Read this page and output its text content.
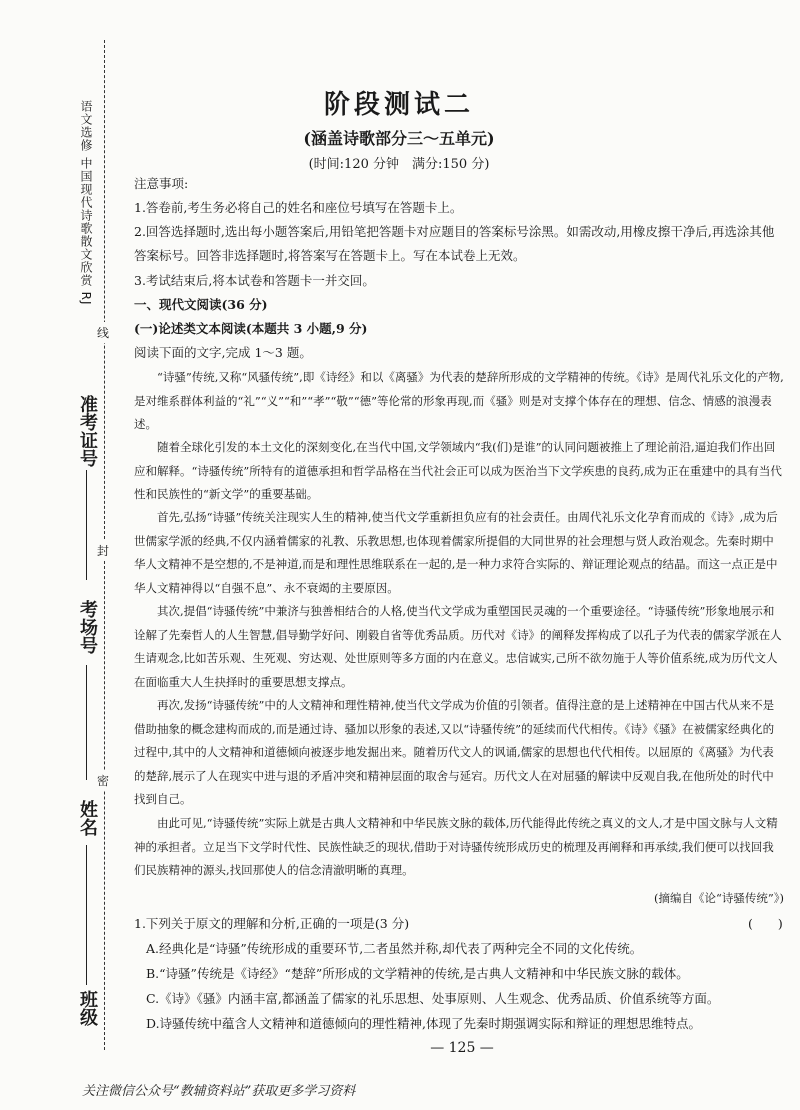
语文选修 中国现代诗歌散文欣赏 RJ
准考证号
考场号
姓名
班级
线
封
密
阶段测试二
(涵盖诗歌部分三～五单元)
(时间:120 分钟　满分:150 分)
注意事项:
1.答卷前,考生务必将自己的姓名和座位号填写在答题卡上。
2.回答选择题时,选出每小题答案后,用铅笔把答题卡对应题目的答案标号涂黑。如需改动,用橡皮擦干净后,再选涂其他答案标号。回答非选择题时,将答案写在答题卡上。写在本试卷上无效。
3.考试结束后,将本试卷和答题卡一并交回。
一、现代文阅读(36 分)
(一)论述类文本阅读(本题共 3 小题,9 分)
阅读下面的文字,完成 1～3 题。
“诗骚”传统,又称“风骚传统”,即《诗经》和以《离骚》为代表的楚辞所形成的文学精神的传统。《诗》是周代礼乐文化的产物,是对维系群体利益的“礼”“义”“和”“孝”“敬”“德”等伦常的形象再现,而《骚》则是对支撑个体存在的理想、信念、情感的浪漫表述。
随着全球化引发的本土文化的深刻变化,在当代中国,文学领域内“我(们)是谁”的认同问题被推上了理论前沿,逼迫我们作出回应和解释。“诗骚传统”所特有的道德承担和哲学品格在当代社会正可以成为医治当下文学疾患的良药,成为正在重建中的具有当代性和民族性的“新文学”的重要基础。
首先,弘扬“诗骚”传统关注现实人生的精神,使当代文学重新担负应有的社会责任。由周代礼乐文化孕育而成的《诗》,成为后世儒家学派的经典,不仅内涵着儒家的礼教、乐教思想,也体现着儒家所提倡的大同世界的社会理想与贤人政治观念。先秦时期中华人文精神不是空想的,不是神道,而是和理性思维联系在一起的,是一种力求符合实际的、辩证理论观点的结晶。而这一点正是中华人文精神得以“自强不息”、永不衰竭的主要原因。
其次,提倡“诗骚传统”中兼济与独善相结合的人格,使当代文学成为重塑国民灵魂的一个重要途径。“诗骚传统”形象地展示和诠解了先秦哲人的人生智慧,倡导勤学好问、刚毅自省等优秀品质。历代对《诗》的阐释发挥构成了以孔子为代表的儒家学派在人生请观念,比如苦乐观、生死观、穷达观、处世原则等多方面的内在意义。忠信诚实,己所不欲勿施于人等价值系统,成为历代文人在面临重大人生抉择时的重要思想支撑点。
再次,发扬“诗骚传统”中的人文精神和理性精神,使当代文学成为价值的引领者。值得注意的是上述精神在中国古代从来不是借助抽象的概念建构而成的,而是通过诗、骚加以形象的表述,又以“诗骚传统”的延续而代代相传。《诗》《骚》在被儒家经典化的过程中,其中的人文精神和道德倾向被逐步地发掘出来。随着历代文人的讽诵,儒家的思想也代代相传。以屈原的《离骚》为代表的楚辞,展示了人在现实中进与退的矛盾冲突和精神层面的取舍与延宕。历代文人在对屈骚的解读中反观自我,在他所处的时代中找到自己。
由此可见,“诗骚传统”实际上就是古典人文精神和中华民族文脉的载体,历代能得此传统之真义的文人,才是中国文脉与人文精神的承担者。立足当下文学时代性、民族性缺乏的现状,借助于对诗骚传统形成历史的梳理及再阐释和再承续,我们便可以找回我们民族精神的源头,找回那使人的信念清澈明晰的真理。
(摘编自《论“诗骚传统”》)
1.下列关于原文的理解和分析,正确的一项是(3 分)	(　　)
A.经典化是“诗骚”传统形成的重要环节,二者虽然并称,却代表了两种完全不同的文化传统。
B.“诗骚”传统是《诗经》“楚辞”所形成的文学精神的传统,是古典人文精神和中华民族文脉的载体。
C.《诗》《骚》内涵丰富,都涵盖了儒家的礼乐思想、处事原则、人生观念、优秀品质、价值系统等方面。
D.诗骚传统中蕴含人文精神和道德倾向的理性精神,体现了先秦时期强调实际和辩证的理想思维特点。
— 125 —
关注微信公众号“教辅资料站”获取更多学习资料
